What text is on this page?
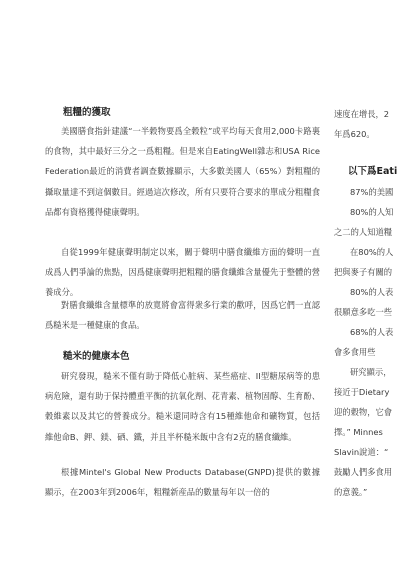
粗糧的獲取

美國膳食指針建議“一半穀物要爲全穀粒”或平均每天食用2,000卡路裏的食物，其中最好三分之一爲粗糧。但是來自EatingWell雜志和USA Rice Federation最近的消費者調查數據顯示，大多數美國人（65%）對粗糧的攝取量達不到這個數目。經過這次修改，所有只要符合要求的單成分粗糧食品都有資格獲得健康聲明。

自從1999年健康聲明制定以來，關于聲明中膳食纖維方面的聲明一直成爲人們爭論的焦點，因爲健康聲明把粗糧的膳食纖維含量優先于整體的營養成分。

對膳食纖維含量標準的放寬將會富得衆多行業的歡呼，因爲它們一直認爲糙米是一種健康的食品。

糙米的健康本色

研究發現，糙米不僅有助于降低心脏病、某些癌症、II型糖尿病等的患病危險，還有助于保持體重平衡的抗氧化劑、花青素、植物固醇、生育酚、穀維素以及其它的營養成分。糙米還同時含有15種維他命和礦物質，包括維他命B、鉀、鎂、硒、鐵，并且半杯糙米飯中含有2克的膳食纖維。

根據Mintel's Global New Products Database(GNPD)提供的數據顯示，在2003年到2006年，粗糧新産品的數量每年以一倍的

速度在增長，2

年爲620。

以下爲Eati

87%的美國

80%的人知

之二的人知道糧

在80%的人

把與麥子有關的

80%的人表

很願意多吃一些

68%的人表

會多食用些

研究顯示，

接近于Dietary

迎的穀物，它會

擇。” Minnes

Slavin說道：“

鼓勵人們多食用

的意義。”
